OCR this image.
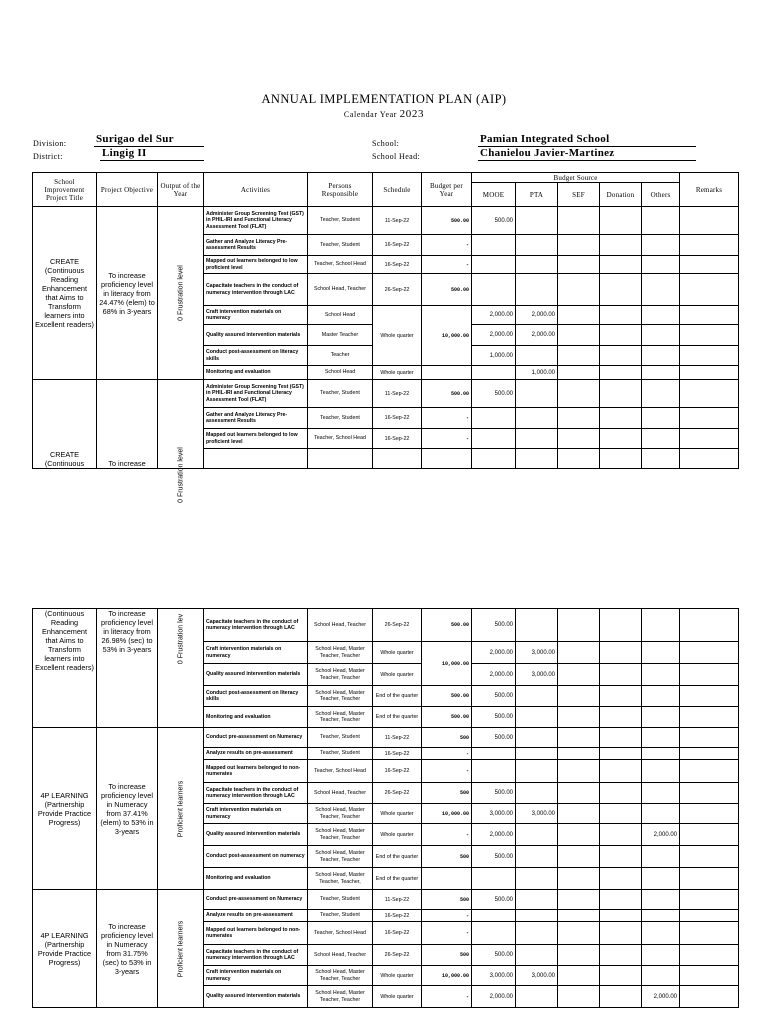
ANNUAL IMPLEMENTATION PLAN (AIP)
Calendar Year 2023
Division:	Surigao del Sur
District:	Lingig II
School:	Pamian Integrated School
School Head:	Chanielou Javier-Martinez
School Improvement Project Title	Project Objective	Output of the Year	Activities	Persons Responsible	Schedule	Budget per Year	Budget Source					Remarks
							MOOE	PTA	SEF	Donation	Others	
CREATE (Continuous Reading Enhancement that Aims to Transform learners into Excellent readers)	To increase proficiency level in literacy from 24.47% (elem) to 68% in 3-years	0 Frustration level	Administer Group Screening Test (GST) in PHIL-IRI and Functional Literacy Assessment Tool (FLAT)	Teacher, Student	11-Sep-22	500.00	500.00					
			Gather and Analyze Literacy Pre-assessment Results	Teacher, Student	16-Sep-22	-						
			Mapped out learners belonged to low proficient level	Teacher, School Head	16-Sep-22	-						
			Capacitate teachers in the conduct of numeracy intervention through LAC	School Head, Teacher	26-Sep-22	500.00						
			Craft intervention materials on numeracy	School Head	Whole quarter	10,000.00	2,000.00	2,000.00				
			Quality assured intervention materials	Master Teacher			2,000.00	2,000.00				
			Conduct post-assessment on literacy skills	Teacher			1,000.00					
			Monitoring and evaluation	School Head	Whole quarter			1,000.00				
CREATE (Continuous	To increase	0 Frustration level	Administer Group Screening Test (GST) in PHIL-IRI and Functional Literacy Assessment Tool (FLAT)	Teacher, Student	11-Sep-22	500.00	500.00					
			Gather and Analyze Literacy Pre-assessment Results	Teacher, Student	16-Sep-22	-						
			Mapped out learners belonged to low proficient level	Teacher, School Head	16-Sep-22	-						

(Continuous Reading Enhancement that Aims to Transform learners into Excellent readers)	To increase proficiency level in literacy from 26.98% (sec) to 53% in 3-years	0 Frustration lev	Capacitate teachers in the conduct of numeracy intervention through LAC	School Head, Teacher	26-Sep-22	500.00	500.00					
			Craft intervention materials on numeracy	School Head, Master Teacher, Teacher	Whole quarter	10,000.00	2,000.00	3,000.00				
			Quality assured intervention materials	School Head, Master Teacher, Teacher	Whole quarter		2,000.00	3,000.00				
			Conduct post-assessment on literacy skills	School Head, Master Teacher, Teacher	End of the quarter	500.00	500.00					
			Monitoring and evaluation	School Head, Master Teacher, Teacher	End of the quarter	500.00	500.00					
4P LEARNING (Partnership Provide Practice Progress)	To increase proficiency level in Numeracy from 37.41% (elem) to 53% in 3-years	Proficient learners	Conduct pre-assessment on Numeracy	Teacher, Student	11-Sep-22	500	500.00					
			Analyze results on pre-assessment	Teacher, Student	16-Sep-22	-						
			Mapped out learners belonged to non-numerates	Teacher, School Head	16-Sep-22	-						
			Capacitate teachers in the conduct of numeracy intervention through LAC	School Head, Teacher	26-Sep-22	500	500.00					
			Craft intervention materials on numeracy	School Head, Master Teacher, Teacher	Whole quarter	10,000.00	3,000.00	3,000.00				
			Quality assured intervention materials	School Head, Master Teacher, Teacher	Whole quarter	-	2,000.00				2,000.00	
			Conduct post-assessment on numeracy	School Head, Master Teacher, Teacher	End of the quarter	500	500.00					
			Monitoring and evaluation	School Head, Master Teacher, Teacher,	End of the quarter							
4P LEARNING (Partnership Provide Practice Progress)	To increase proficiency level in Numeracy from 31.75% (sec) to 53% in 3-years	Proficient learners	Conduct pre-assessment on Numeracy	Teacher, Student	11-Sep-22	500	500.00					
			Analyze results on pre-assessment	Teacher, Student	16-Sep-22	-						
			Mapped out learners belonged to non-numerates	Teacher, School Head	16-Sep-22	-						
			Capacitate teachers in the conduct of numeracy intervention through LAC	School Head, Teacher	26-Sep-22	500	500.00					
			Craft intervention materials on numeracy	School Head, Master Teacher, Teacher	Whole quarter	10,000.00	3,000.00	3,000.00				
			Quality assured intervention materials	School Head, Master Teacher, Teacher	Whole quarter	-	2,000.00				2,000.00	
